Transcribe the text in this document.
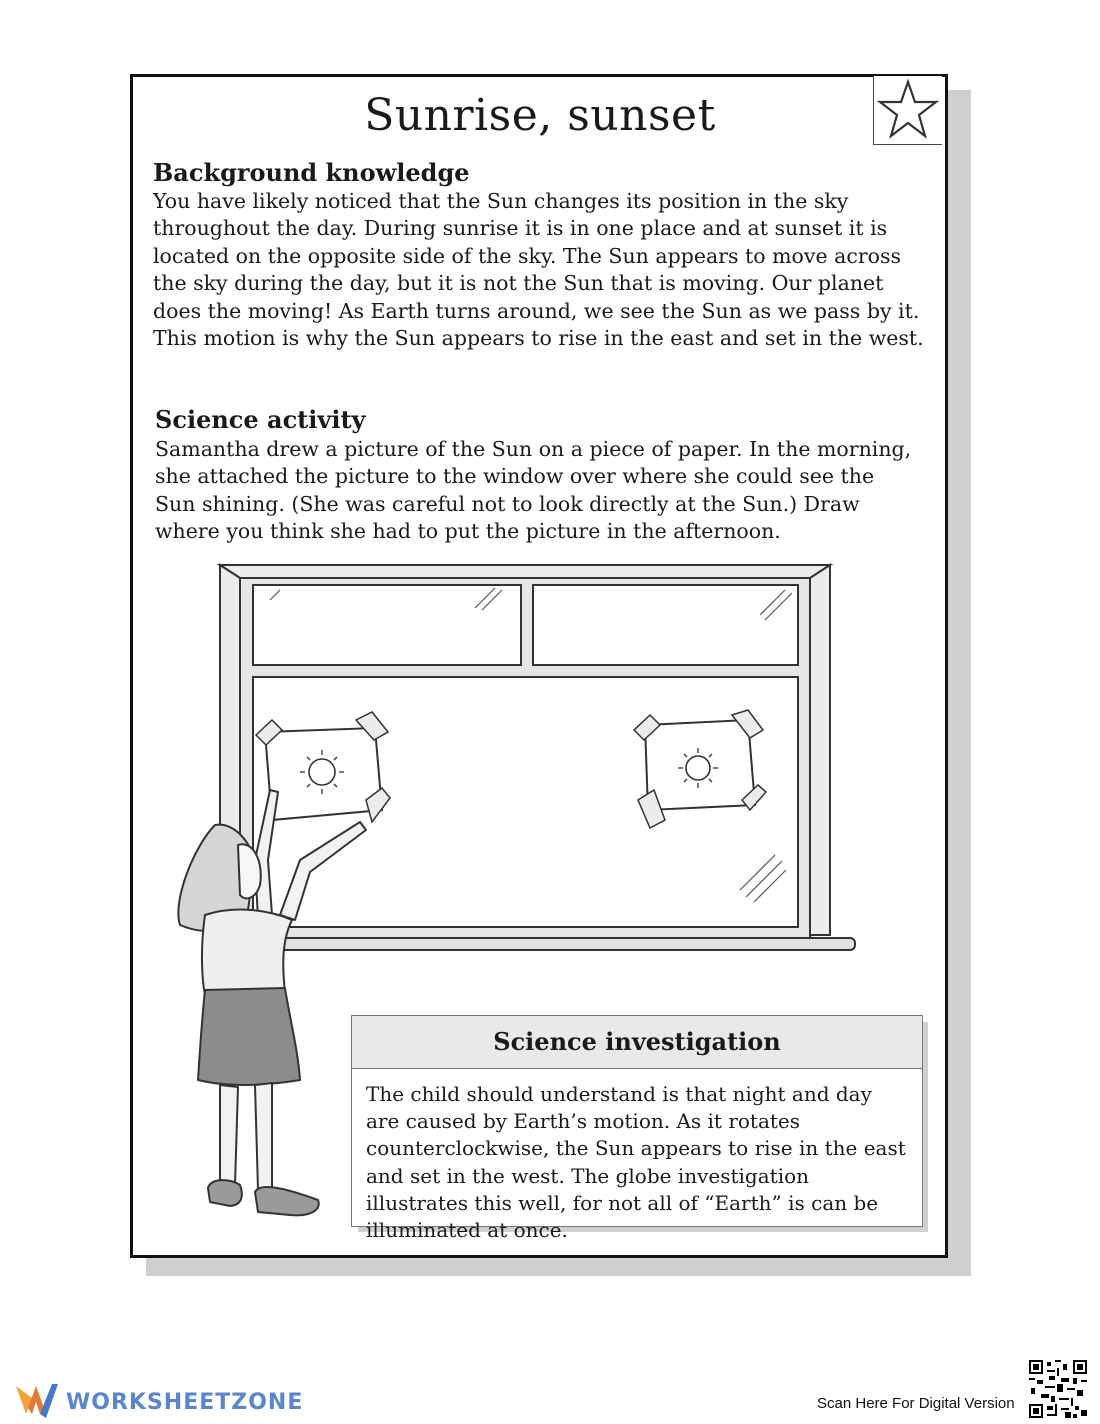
Sunrise, sunset
Background knowledge
You have likely noticed that the Sun changes its position in the sky throughout the day. During sunrise it is in one place and at sunset it is located on the opposite side of the sky. The Sun appears to move across the sky during the day, but it is not the Sun that is moving. Our planet does the moving! As Earth turns around, we see the Sun as we pass by it. This motion is why the Sun appears to rise in the east and set in the west.
Science activity
Samantha drew a picture of the Sun on a piece of paper. In the morning, she attached the picture to the window over where she could see the Sun shining. (She was careful not to look directly at the Sun.) Draw where you think she had to put the picture in the afternoon.
Science investigation
The child should understand is that night and day are caused by Earth’s motion. As it rotates counterclockwise, the Sun appears to rise in the east and set in the west. The globe investigation illustrates this well, for not all of “Earth” is can be illuminated at once.
WORKSHEETZONE	Scan Here For Digital Version
